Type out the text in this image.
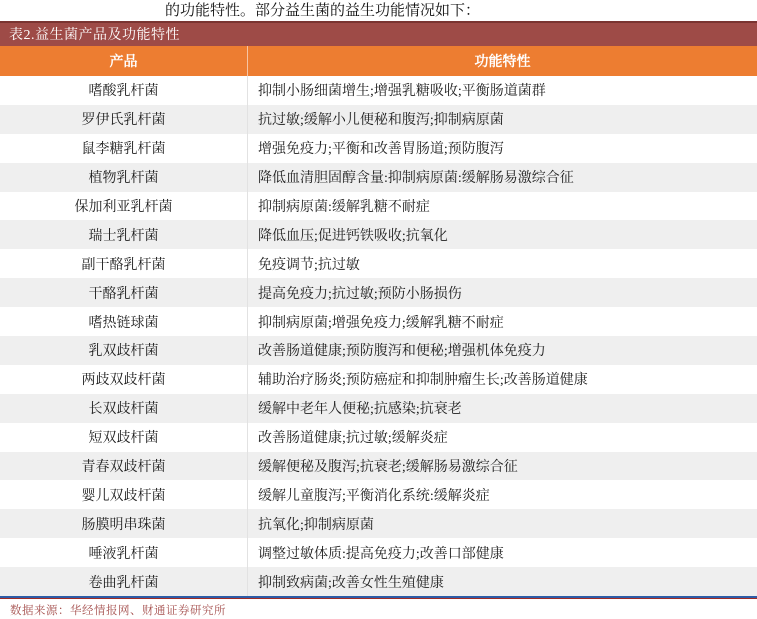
的功能特性。部分益生菌的益生功能情况如下：

表2.益生菌产品及功能特性
产品	功能特性
嗜酸乳杆菌	抑制小肠细菌增生;增强乳糖吸收;平衡肠道菌群
罗伊氏乳杆菌	抗过敏;缓解小儿便秘和腹泻;抑制病原菌
鼠李糖乳杆菌	增强免疫力;平衡和改善胃肠道;预防腹泻
植物乳杆菌	降低血清胆固醇含量:抑制病原菌:缓解肠易激综合征
保加利亚乳杆菌	抑制病原菌:缓解乳糖不耐症
瑞士乳杆菌	降低血压;促进钙铁吸收;抗氧化
副干酪乳杆菌	免疫调节;抗过敏
干酪乳杆菌	提高免疫力;抗过敏;预防小肠损伤
嗜热链球菌	抑制病原菌;增强免疫力;缓解乳糖不耐症
乳双歧杆菌	改善肠道健康;预防腹泻和便秘;增强机体免疫力
两歧双歧杆菌	辅助治疗肠炎;预防癌症和抑制肿瘤生长;改善肠道健康
长双歧杆菌	缓解中老年人便秘;抗感染;抗衰老
短双歧杆菌	改善肠道健康;抗过敏;缓解炎症
青春双歧杆菌	缓解便秘及腹泻;抗衰老;缓解肠易激综合征
婴儿双歧杆菌	缓解儿童腹泻;平衡消化系统:缓解炎症
肠膜明串珠菌	抗氧化;抑制病原菌
唾液乳杆菌	调整过敏体质:提高免疫力;改善口部健康
卷曲乳杆菌	抑制致病菌;改善女性生殖健康

数据来源：华经情报网、财通证券研究所
